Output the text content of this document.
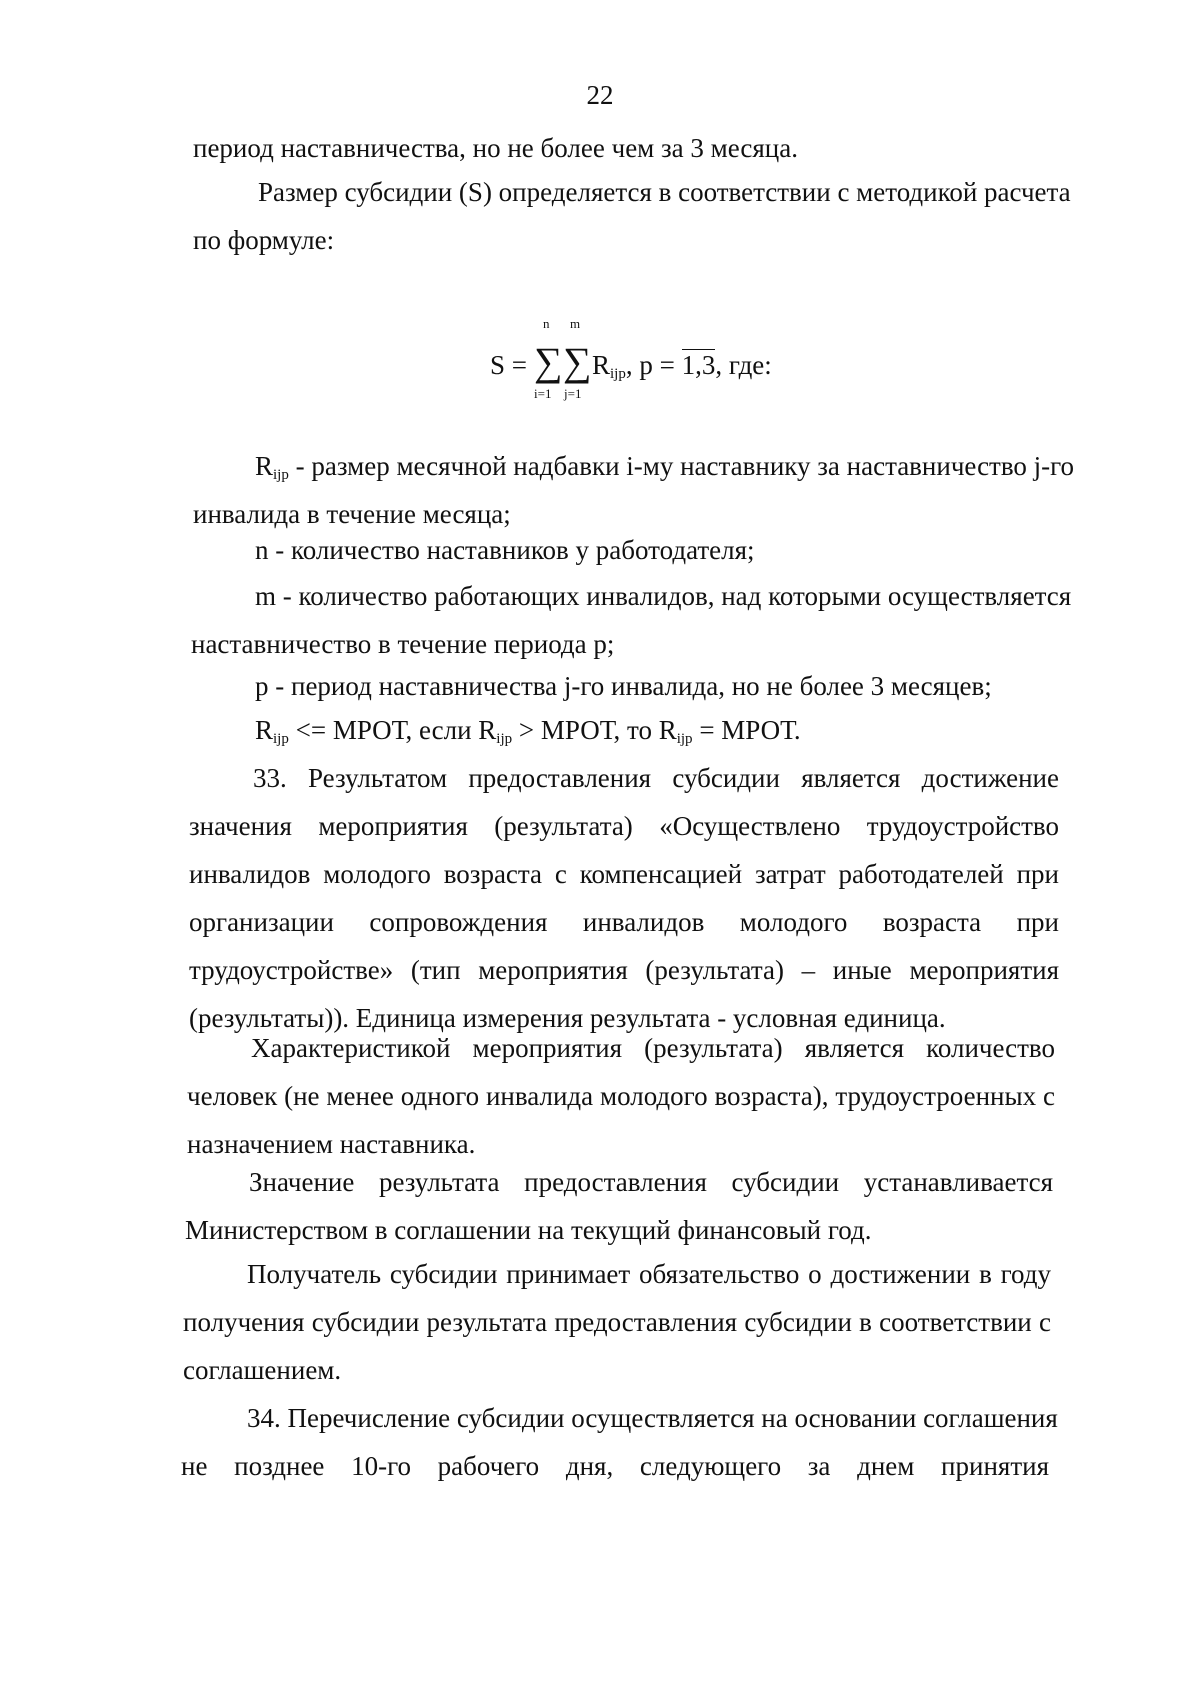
22
период наставничества, но не более чем за 3 месяца.
Размер субсидии (S) определяется в соответствии с методикой расчета
по формуле:
S =
n
∑
i=1
m
∑
j=1
$R_{ijp}$, p = 1,3, где:
$R_{ijp}$ - размер месячной надбавки i-му наставнику за наставничество j-го
инвалида в течение месяца;
n - количество наставников у работодателя;
m - количество работающих инвалидов, над которыми осуществляется
наставничество в течение периода p;
p - период наставничества j-го инвалида, но не более 3 месяцев;
$R_{ijp}$ <= МРОТ, если $R_{ijp}$ > МРОТ, то $R_{ijp}$ = МРОТ.
33. Результатом предоставления субсидии является достижение
значения мероприятия (результата) «Осуществлено трудоустройство
инвалидов молодого возраста с компенсацией затрат работодателей при
организации сопровождения инвалидов молодого возраста при
трудоустройстве» (тип мероприятия (результата) – иные мероприятия
(результаты)). Единица измерения результата - условная единица.
Характеристикой мероприятия (результата) является количество
человек (не менее одного инвалида молодого возраста), трудоустроенных с
назначением наставника.
Значение результата предоставления субсидии устанавливается
Министерством в соглашении на текущий финансовый год.
Получатель субсидии принимает обязательство о достижении в году
получения субсидии результата предоставления субсидии в соответствии с
соглашением.
34. Перечисление субсидии осуществляется на основании соглашения
не позднее 10-го рабочего дня, следующего за днем принятия
